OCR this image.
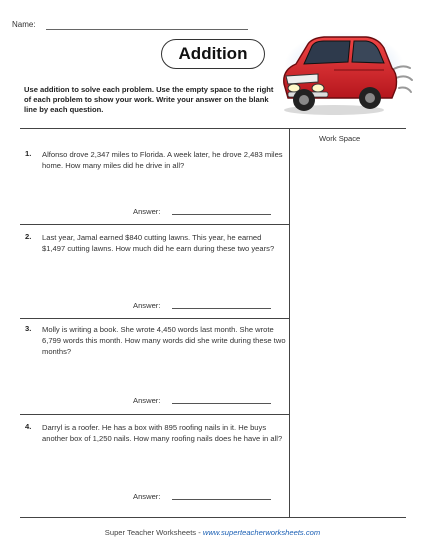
Name:
Addition

Use addition to solve each problem. Use the empty space to the right of each problem to show your work. Write your answer on the blank line by each question.

Work Space
1. Alfonso drove 2,347 miles to Florida. A week later, he drove 2,483 miles home. How many miles did he drive in all?
Answer:
2. Last year, Jamal earned $840 cutting lawns. This year, he earned $1,497 cutting lawns. How much did he earn during these two years?
Answer:
3. Molly is writing a book. She wrote 4,450 words last month. She wrote 6,799 words this month. How many words did she write during these two months?
Answer:
4. Darryl is a roofer. He has a box with 895 roofing nails in it. He buys another box of 1,250 nails. How many roofing nails does he have in all?
Answer:
Super Teacher Worksheets - www.superteacherworksheets.com
